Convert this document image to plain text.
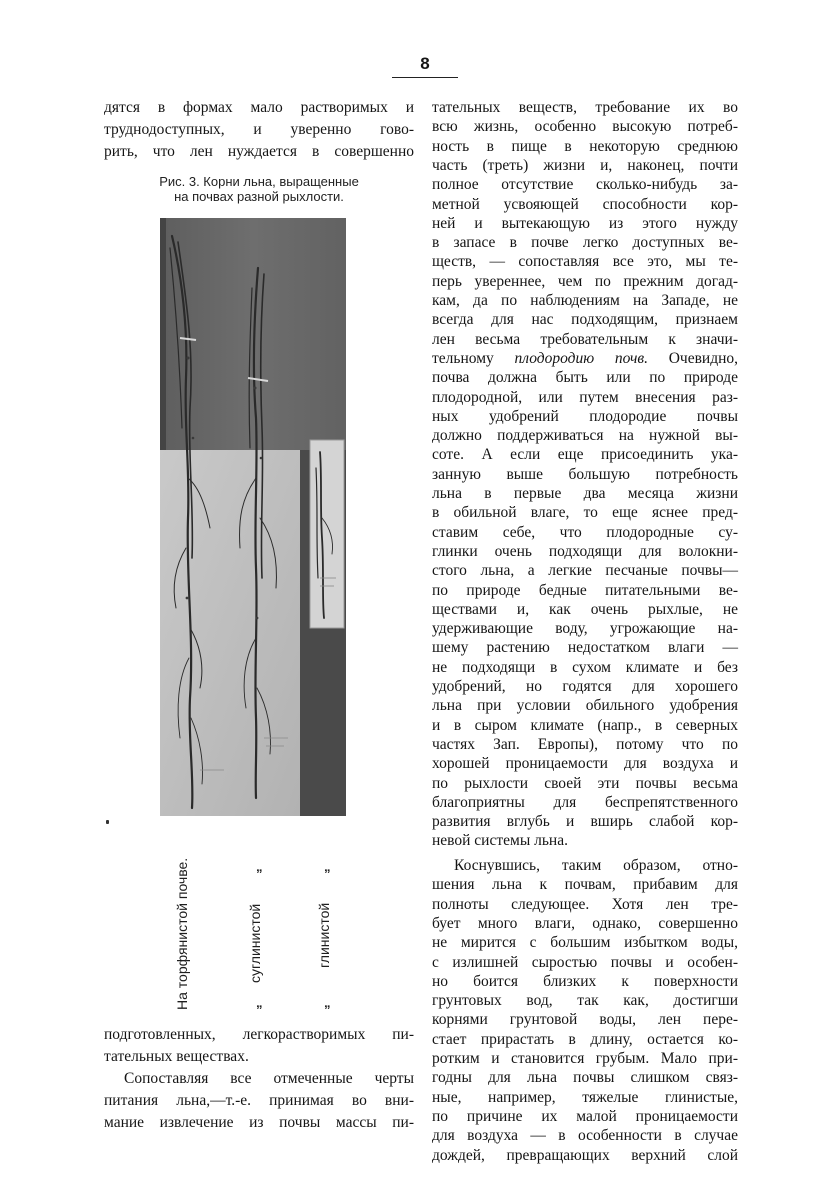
8
дятся в формах мало растворимых и
труднодоступных, и уверенно гово-
рить, что лен нуждается в совершенно
Рис. 3. Корни льна, выращенные
на почвах разной рыхлости.
На торфянистой почве.	суглинистой	глинистой
„
„
„
„
подготовленных, легкорастворимых пи-
тательных веществах.
Сопоставляя все отмеченные черты
питания льна,—т.-е. принимая во вни-
мание извлечение из почвы массы пи-
тательных веществ, требование их во
всю жизнь, особенно высокую потреб-
ность в пище в некоторую среднюю
часть (треть) жизни и, наконец, почти
полное отсутствие сколько-нибудь за-
метной усвояющей способности кор-
ней и вытекающую из этого нужду
в запасе в почве легко доступных ве-
ществ, — сопоставляя все это, мы те-
перь увереннее, чем по прежним догад-
кам, да по наблюдениям на Западе, не
всегда для нас подходящим, признаем
лен весьма требовательным к значи-
тельному плодородию почв. Очевидно,
почва должна быть или по природе
плодородной, или путем внесения раз-
ных удобрений плодородие почвы
должно поддерживаться на нужной вы-
соте. А если еще присоединить ука-
занную выше большую потребность
льна в первые два месяца жизни
в обильной влаге, то еще яснее пред-
ставим себе, что плодородные су-
глинки очень подходящи для волокни-
стого льна, а легкие песчаные почвы—
по природе бедные питательными ве-
ществами и, как очень рыхлые, не
удерживающие воду, угрожающие на-
шему растению недостатком влаги —
не подходящи в сухом климате и без
удобрений, но годятся для хорошего
льна при условии обильного удобрения
и в сыром климате (напр., в северных
частях Зап. Европы), потому что по
хорошей проницаемости для воздуха и
по рыхлости своей эти почвы весьма
благоприятны для беспрепятственного
развития вглубь и вширь слабой кор-
невой системы льна.
Коснувшись, таким образом, отно-
шения льна к почвам, прибавим для
полноты следующее. Хотя лен тре-
бует много влаги, однако, совершенно
не мирится с большим избытком воды,
с излишней сыростью почвы и особен-
но боится близких к поверхности
грунтовых вод, так как, достигши
корнями грунтовой воды, лен пере-
стает прирастать в длину, остается ко-
ротким и становится грубым. Мало при-
годны для льна почвы слишком связ-
ные, например, тяжелые глинистые,
по причине их малой проницаемости
для воздуха — в особенности в случае
дождей, превращающих верхний слой
